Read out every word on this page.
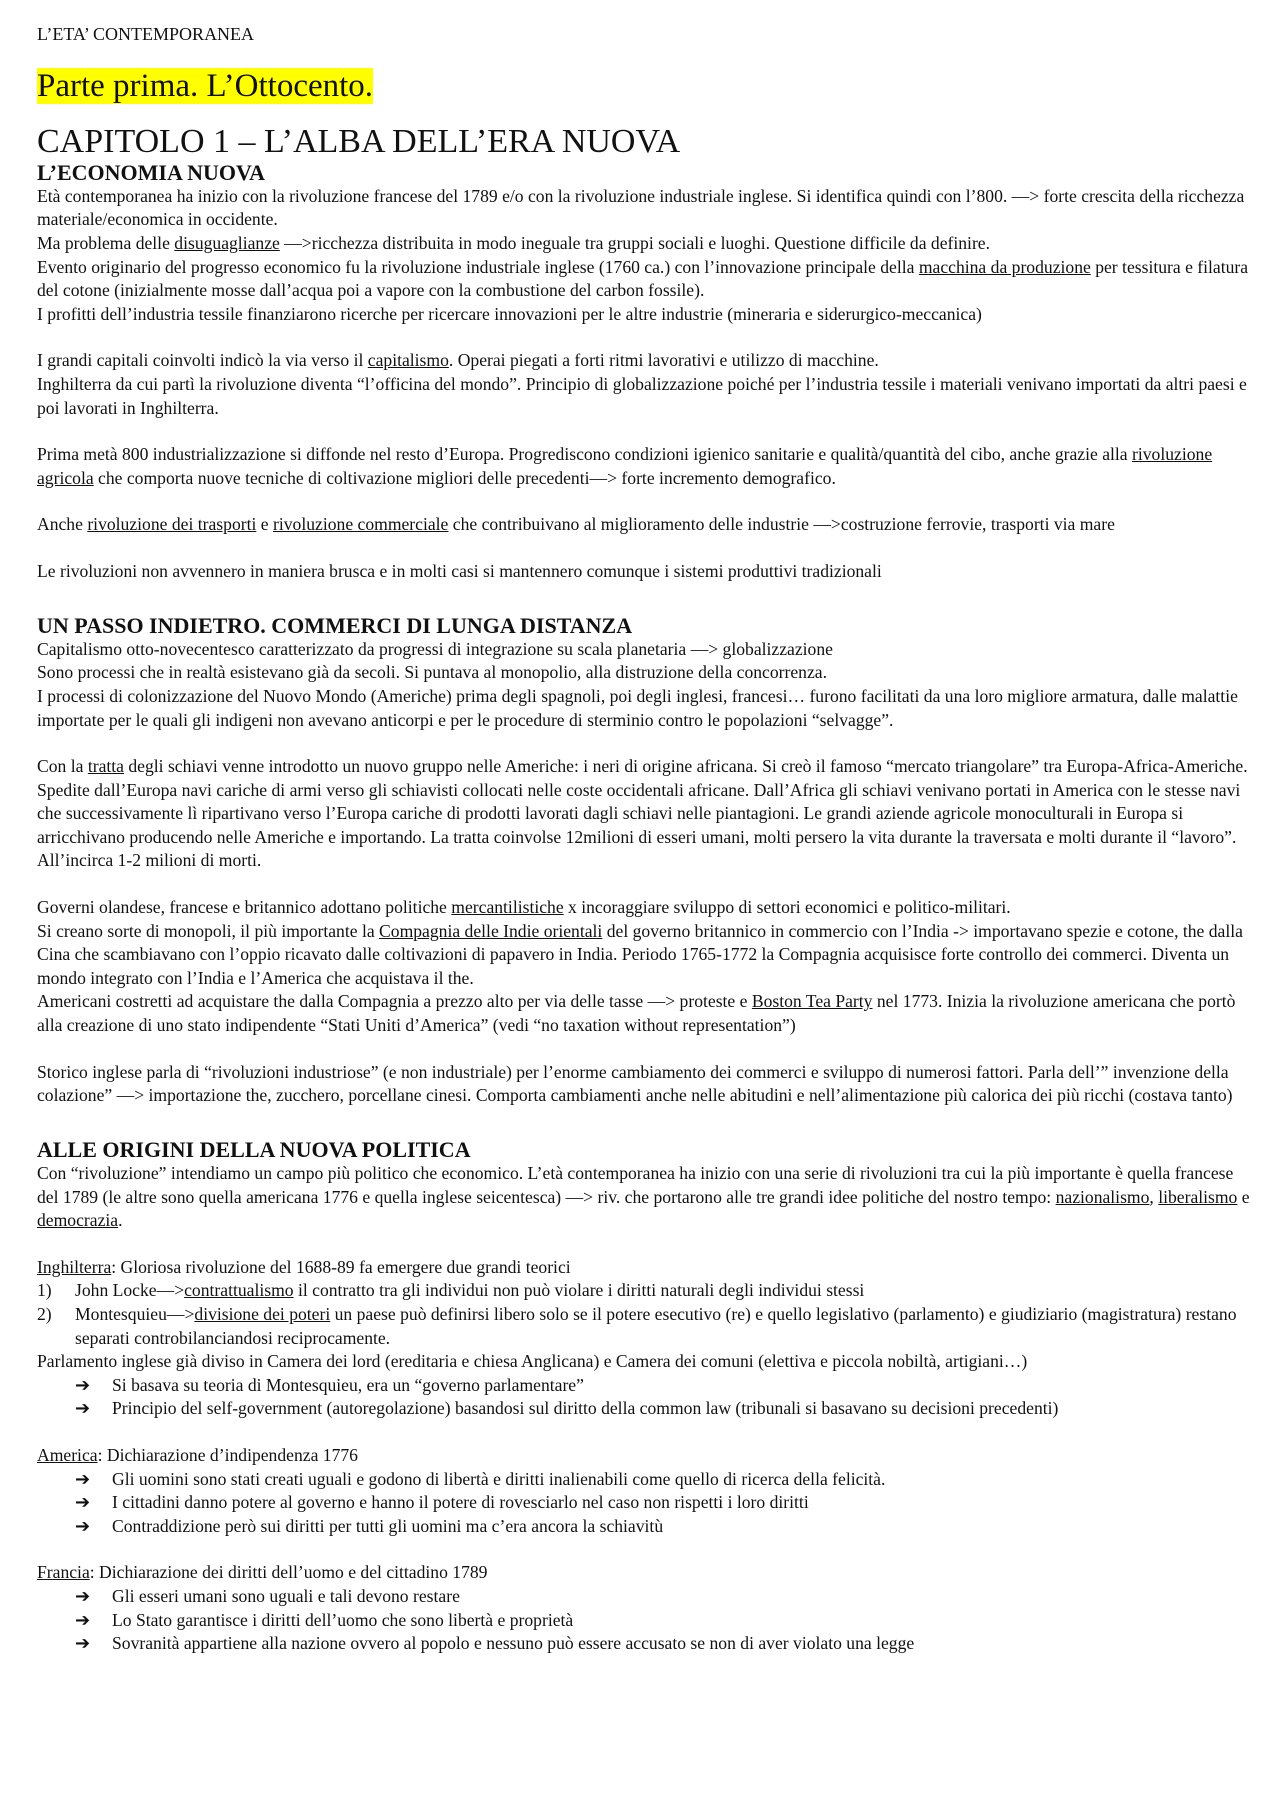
L’ETA’ CONTEMPORANEA
Parte prima. L’Ottocento.
CAPITOLO 1 – L’ALBA DELL’ERA NUOVA
L’ECONOMIA NUOVA

Età contemporanea ha inizio con la rivoluzione francese del 1789 e/o con la rivoluzione industriale inglese. Si identifica quindi con l’800. —> forte crescita della ricchezza materiale/economica in occidente.

Ma problema delle disuguaglianze —>ricchezza distribuita in modo ineguale tra gruppi sociali e luoghi. Questione difficile da definire.

Evento originario del progresso economico fu la rivoluzione industriale inglese (1760 ca.) con l’innovazione principale della macchina da produzione per tessitura e filatura del cotone (inizialmente mosse dall’acqua poi a vapore con la combustione del carbon fossile).

I profitti dell’industria tessile finanziarono ricerche per ricercare innovazioni per le altre industrie (mineraria e siderurgico-meccanica)

I grandi capitali coinvolti indicò la via verso il capitalismo. Operai piegati a forti ritmi lavorativi e utilizzo di macchine.

Inghilterra da cui partì la rivoluzione diventa “l’officina del mondo”. Principio di globalizzazione poiché per l’industria tessile i materiali venivano importati da altri paesi e poi lavorati in Inghilterra.

Prima metà 800 industrializzazione si diffonde nel resto d’Europa. Progrediscono condizioni igienico sanitarie e qualità/quantità del cibo, anche grazie alla rivoluzione agricola che comporta nuove tecniche di coltivazione migliori delle precedenti—> forte incremento demografico.

Anche rivoluzione dei trasporti e rivoluzione commerciale che contribuivano al miglioramento delle industrie —>costruzione ferrovie, trasporti via mare

Le rivoluzioni non avvennero in maniera brusca e in molti casi si mantennero comunque i sistemi produttivi tradizionali

UN PASSO INDIETRO. COMMERCI DI LUNGA DISTANZA

Capitalismo otto-novecentesco caratterizzato da progressi di integrazione su scala planetaria —> globalizzazione

Sono processi che in realtà esistevano già da secoli. Si puntava al monopolio, alla distruzione della concorrenza.

I processi di colonizzazione del Nuovo Mondo (Americhe) prima degli spagnoli, poi degli inglesi, francesi… furono facilitati da una loro migliore armatura, dalle malattie importate per le quali gli indigeni non avevano anticorpi e per le procedure di sterminio contro le popolazioni “selvagge”.

Con la tratta degli schiavi venne introdotto un nuovo gruppo nelle Americhe: i neri di origine africana. Si creò il famoso “mercato triangolare” tra Europa-Africa-Americhe. Spedite dall’Europa navi cariche di armi verso gli schiavisti collocati nelle coste occidentali africane. Dall’Africa gli schiavi venivano portati in America con le stesse navi che successivamente lì ripartivano verso l’Europa cariche di prodotti lavorati dagli schiavi nelle piantagioni. Le grandi aziende agricole monoculturali in Europa si arricchivano producendo nelle Americhe e importando. La tratta coinvolse 12milioni di esseri umani, molti persero la vita durante la traversata e molti durante il “lavoro”. All’incirca 1-2 milioni di morti.

Governi olandese, francese e britannico adottano politiche mercantilistiche x incoraggiare sviluppo di settori economici e politico-militari.

Si creano sorte di monopoli, il più importante la Compagnia delle Indie orientali del governo britannico in commercio con l’India -> importavano spezie e cotone, the dalla Cina che scambiavano con l’oppio ricavato dalle coltivazioni di papavero in India. Periodo 1765-1772 la Compagnia acquisisce forte controllo dei commerci. Diventa un mondo integrato con l’India e l’America che acquistava il the.

Americani costretti ad acquistare the dalla Compagnia a prezzo alto per via delle tasse —> proteste e Boston Tea Party nel 1773. Inizia la rivoluzione americana che portò alla creazione di uno stato indipendente “Stati Uniti d’America” (vedi “no taxation without representation”)

Storico inglese parla di “rivoluzioni industriose” (e non industriale) per l’enorme cambiamento dei commerci e sviluppo di numerosi fattori. Parla dell’” invenzione della colazione” —> importazione the, zucchero, porcellane cinesi. Comporta cambiamenti anche nelle abitudini e nell’alimentazione più calorica dei più ricchi (costava tanto)

ALLE ORIGINI DELLA NUOVA POLITICA

Con “rivoluzione” intendiamo un campo più politico che economico. L’età contemporanea ha inizio con una serie di rivoluzioni tra cui la più importante è quella francese del 1789 (le altre sono quella americana 1776 e quella inglese seicentesca) —> riv. che portarono alle tre grandi idee politiche del nostro tempo: nazionalismo, liberalismo e democrazia.

Inghilterra: Gloriosa rivoluzione del 1688-89 fa emergere due grandi teorici

1)	John Locke—>contrattualismo il contratto tra gli individui non può violare i diritti naturali degli individui stessi
2)	Montesquieu—>divisione dei poteri un paese può definirsi libero solo se il potere esecutivo (re) e quello legislativo (parlamento) e giudiziario (magistratura) restano separati controbilanciandosi reciprocamente.

Parlamento inglese già diviso in Camera dei lord (ereditaria e chiesa Anglicana) e Camera dei comuni (elettiva e piccola nobiltà, artigiani…)

➔	Si basava su teoria di Montesquieu, era un “governo parlamentare”
➔	Principio del self-government (autoregolazione) basandosi sul diritto della common law (tribunali si basavano su decisioni precedenti)

America: Dichiarazione d’indipendenza 1776

➔	Gli uomini sono stati creati uguali e godono di libertà e diritti inalienabili come quello di ricerca della felicità.
➔	I cittadini danno potere al governo e hanno il potere di rovesciarlo nel caso non rispetti i loro diritti
➔	Contraddizione però sui diritti per tutti gli uomini ma c’era ancora la schiavitù

Francia: Dichiarazione dei diritti dell’uomo e del cittadino 1789

➔	Gli esseri umani sono uguali e tali devono restare
➔	Lo Stato garantisce i diritti dell’uomo che sono libertà e proprietà
➔	Sovranità appartiene alla nazione ovvero al popolo e nessuno può essere accusato se non di aver violato una legge
